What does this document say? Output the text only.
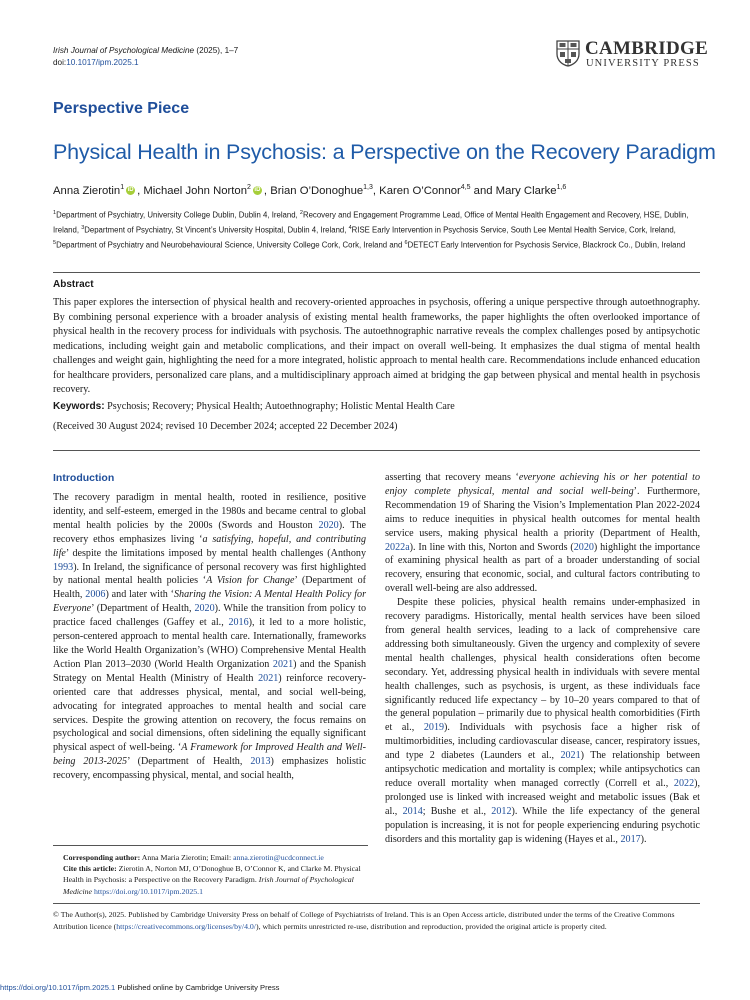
Irish Journal of Psychological Medicine (2025), 1–7
doi:10.1017/ipm.2025.1
CAMBRIDGE
UNIVERSITY PRESS
Perspective Piece
Physical Health in Psychosis: a Perspective on the Recovery Paradigm
Anna Zierotin$^1$ iD , Michael John Norton$^2$ iD , Brian O’Donoghue$^{1,3}$, Karen O’Connor$^{4,5}$ and Mary Clarke$^{1,6}$
$^1$Department of Psychiatry, University College Dublin, Dublin 4, Ireland, $^2$Recovery and Engagement Programme Lead, Office of Mental Health Engagement and Recovery, HSE, Dublin, Ireland, $^3$Department of Psychiatry, St Vincent’s University Hospital, Dublin 4, Ireland, $^4$RISE Early Intervention in Psychosis Service, South Lee Mental Health Service, Cork, Ireland, $^5$Department of Psychiatry and Neurobehavioural Science, University College Cork, Cork, Ireland and $^6$DETECT Early Intervention for Psychosis Service, Blackrock Co., Dublin, Ireland
Abstract
This paper explores the intersection of physical health and recovery-oriented approaches in psychosis, offering a unique perspective through autoethnography. By combining personal experience with a broader analysis of existing mental health frameworks, the paper highlights the often overlooked importance of physical health in the recovery process for individuals with psychosis. The autoethnographic narrative reveals the complex challenges posed by antipsychotic medications, including weight gain and metabolic complications, and their impact on overall well-being. It emphasizes the dual stigma of mental health challenges and weight gain, highlighting the need for a more integrated, holistic approach to mental health care. Recommendations include enhanced education for healthcare providers, personalized care plans, and a multidisciplinary approach aimed at bridging the gap between physical and mental health in psychosis recovery.
Keywords: Psychosis; Recovery; Physical Health; Autoethnography; Holistic Mental Health Care
(Received 30 August 2024; revised 10 December 2024; accepted 22 December 2024)
Introduction

The recovery paradigm in mental health, rooted in resilience, positive identity, and self-esteem, emerged in the 1980s and became central to global mental health policies by the 2000s (Swords and Houston 2020). The recovery ethos emphasizes living ‘a satisfying, hopeful, and contributing life’ despite the limitations imposed by mental health challenges (Anthony 1993). In Ireland, the significance of personal recovery was first highlighted by national mental health policies ‘A Vision for Change’ (Department of Health, 2006) and later with ‘Sharing the Vision: A Mental Health Policy for Everyone’ (Department of Health, 2020). While the transition from policy to practice faced challenges (Gaffey et al., 2016), it led to a more holistic, person-centered approach to mental health care. Internationally, frameworks like the World Health Organization’s (WHO) Comprehensive Mental Health Action Plan 2013–2030 (World Health Organization 2021) and the Spanish Strategy on Mental Health (Ministry of Health 2021) reinforce recovery-oriented care that addresses physical, mental, and social well-being, advocating for integrated approaches to mental health and social care services. Despite the growing attention on recovery, the focus remains on psychological and social dimensions, often sidelining the equally significant physical aspect of well-being. ‘A Framework for Improved Health and Well-being 2013-2025’ (Department of Health, 2013) emphasizes holistic recovery, encompassing physical, mental, and social health,

asserting that recovery means ‘everyone achieving his or her potential to enjoy complete physical, mental and social well-being’. Furthermore, Recommendation 19 of Sharing the Vision’s Implementation Plan 2022-2024 aims to reduce inequities in physical health outcomes for mental health service users, making physical health a priority (Department of Health, 2022a). In line with this, Norton and Swords (2020) highlight the importance of examining physical health as part of a broader understanding of social recovery, ensuring that economic, social, and cultural factors contributing to overall well-being are also addressed.

Despite these policies, physical health remains under-emphasized in recovery paradigms. Historically, mental health services have been siloed from general health services, leading to a lack of comprehensive care addressing both simultaneously. Given the urgency and complexity of severe mental health challenges, physical health considerations often become secondary. Yet, addressing physical health in individuals with severe mental health challenges, such as psychosis, is urgent, as these individuals face significantly reduced life expectancy – by 10–20 years compared to that of the general population – primarily due to physical health comorbidities (Firth et al., 2019). Individuals with psychosis face a higher risk of multimorbidities, including cardiovascular disease, cancer, respiratory issues, and type 2 diabetes (Launders et al., 2021) The relationship between antipsychotic medication and mortality is complex; while antipsychotics can reduce overall mortality when managed correctly (Correll et al., 2022), prolonged use is linked with increased weight and metabolic issues (Bak et al., 2014; Bushe et al., 2012). While the life expectancy of the general population is increasing, it is not for people experiencing enduring psychotic disorders and this mortality gap is widening (Hayes et al., 2017).

Corresponding author: Anna Maria Zierotin; Email: anna.zierotin@ucdconnect.ie
Cite this article: Zierotin A, Norton MJ, O’Donoghue B, O’Connor K, and Clarke M. Physical Health in Psychosis: a Perspective on the Recovery Paradigm. Irish Journal of Psychological Medicine https://doi.org/10.1017/ipm.2025.1
© The Author(s), 2025. Published by Cambridge University Press on behalf of College of Psychiatrists of Ireland. This is an Open Access article, distributed under the terms of the Creative Commons Attribution licence (https://creativecommons.org/licenses/by/4.0/), which permits unrestricted re-use, distribution and reproduction, provided the original article is properly cited.
https://doi.org/10.1017/ipm.2025.1 Published online by Cambridge University Press
